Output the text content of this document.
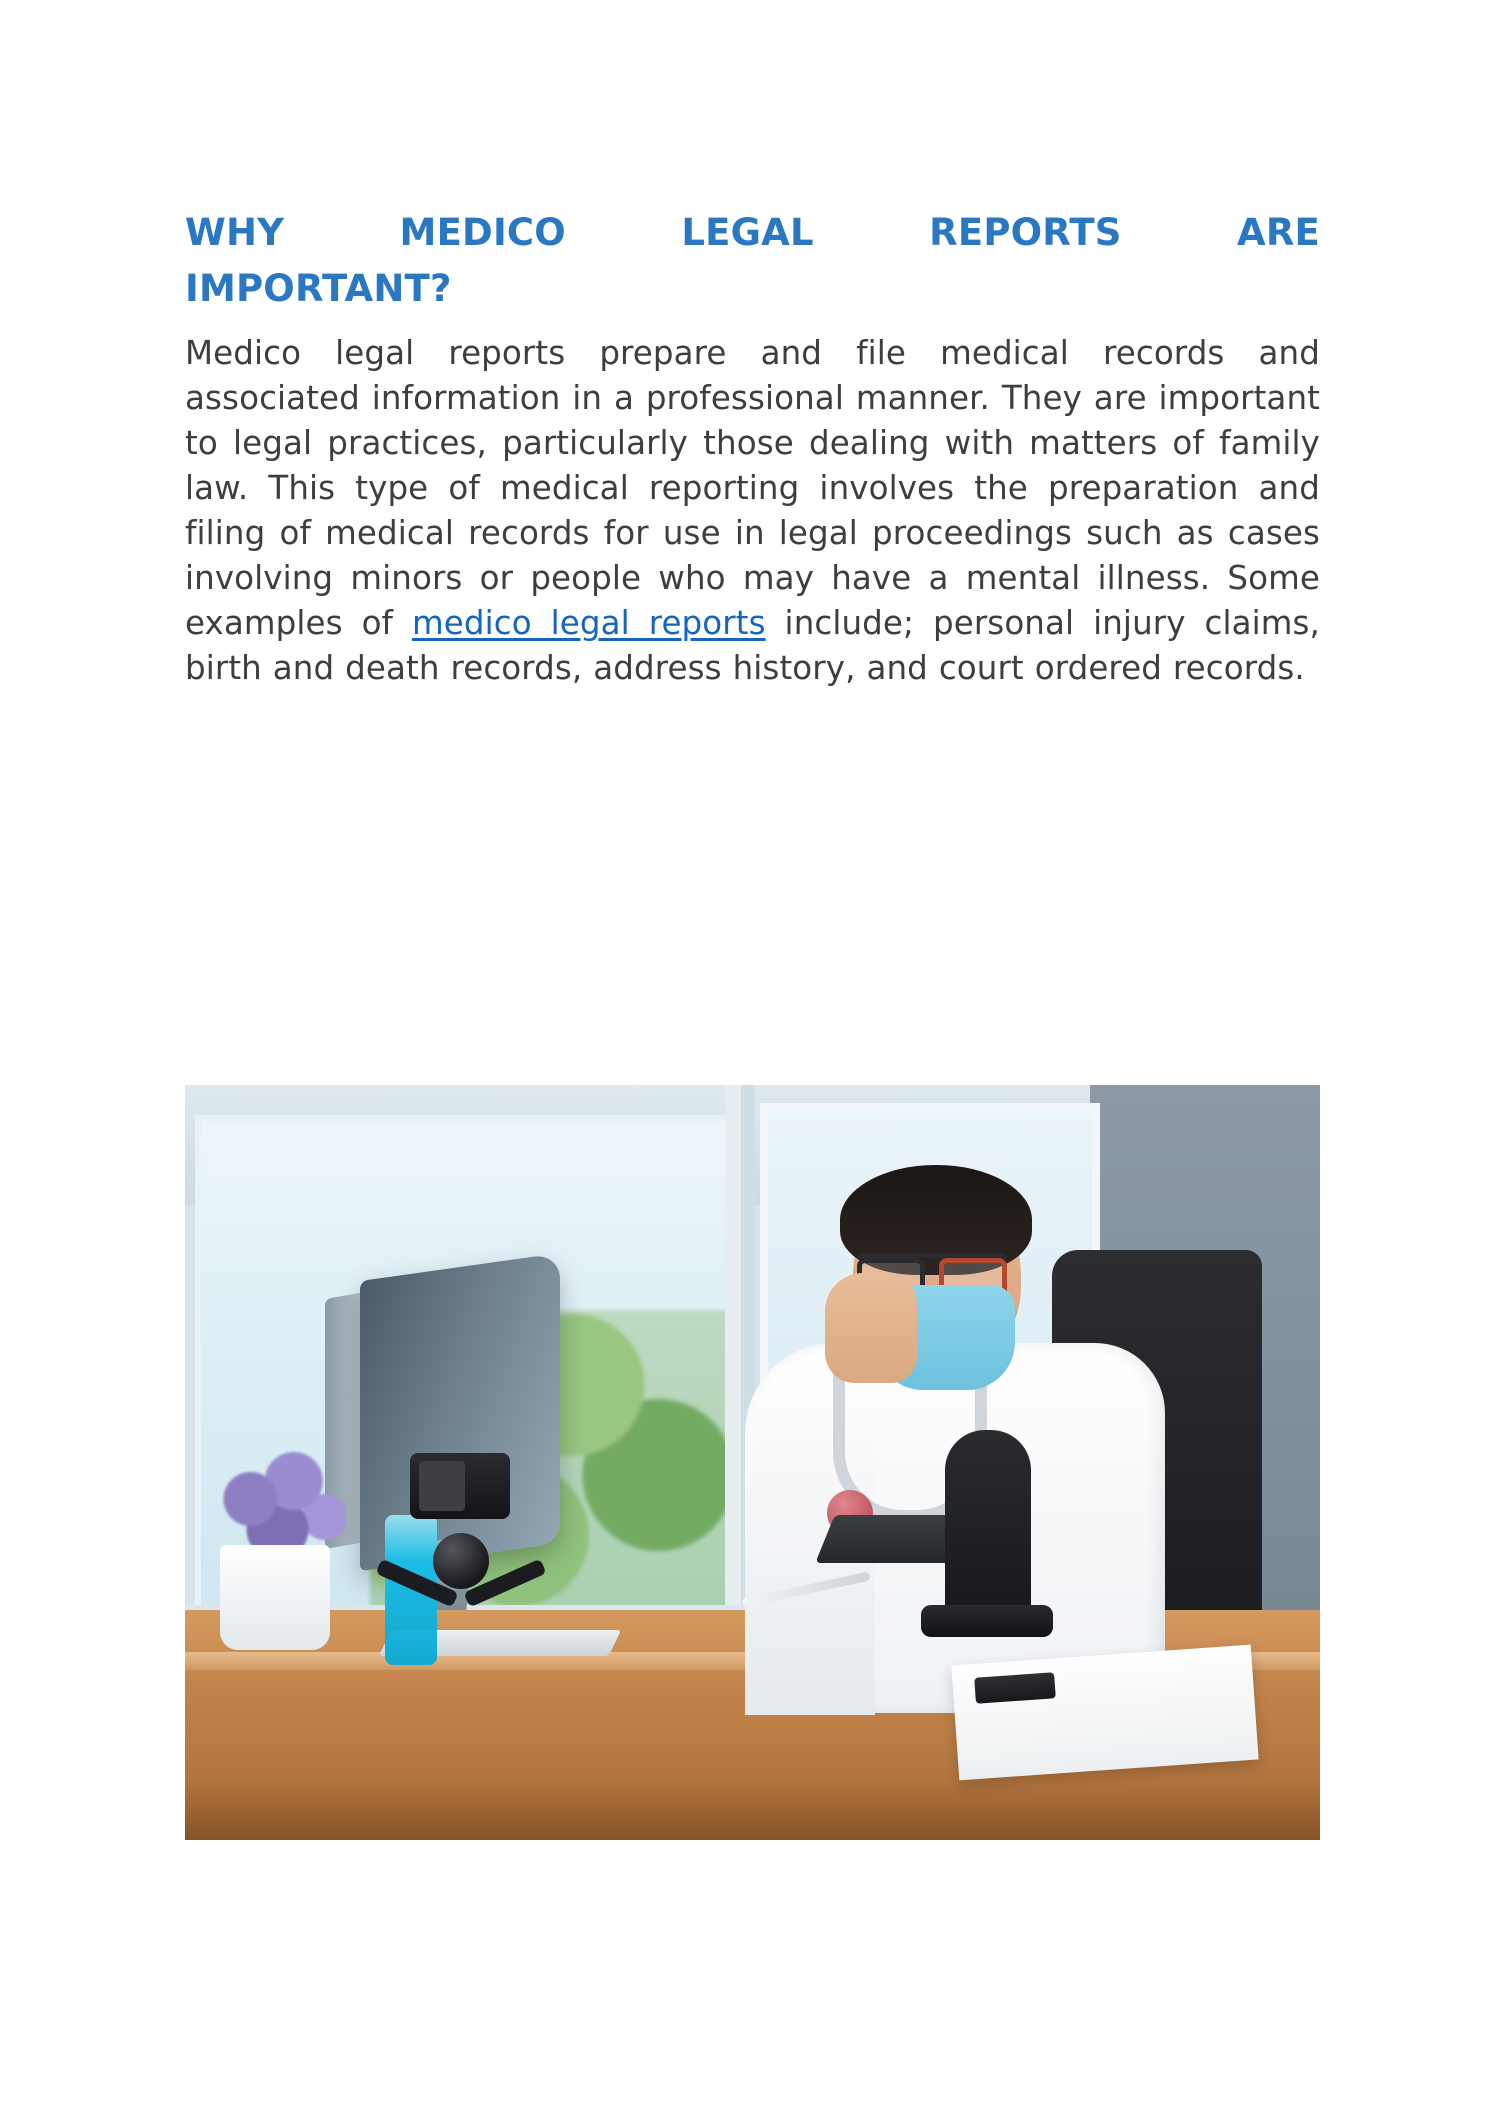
WHY MEDICO LEGAL REPORTS ARE
IMPORTANT?

Medico legal reports prepare and file medical records and associated information in a professional manner. They are important to legal practices, particularly those dealing with matters of family law. This type of medical reporting involves the preparation and filing of medical records for use in legal proceedings such as cases involving minors or people who may have a mental illness. Some examples of medico legal reports include; personal injury claims, birth and death records, address history, and court ordered records.
